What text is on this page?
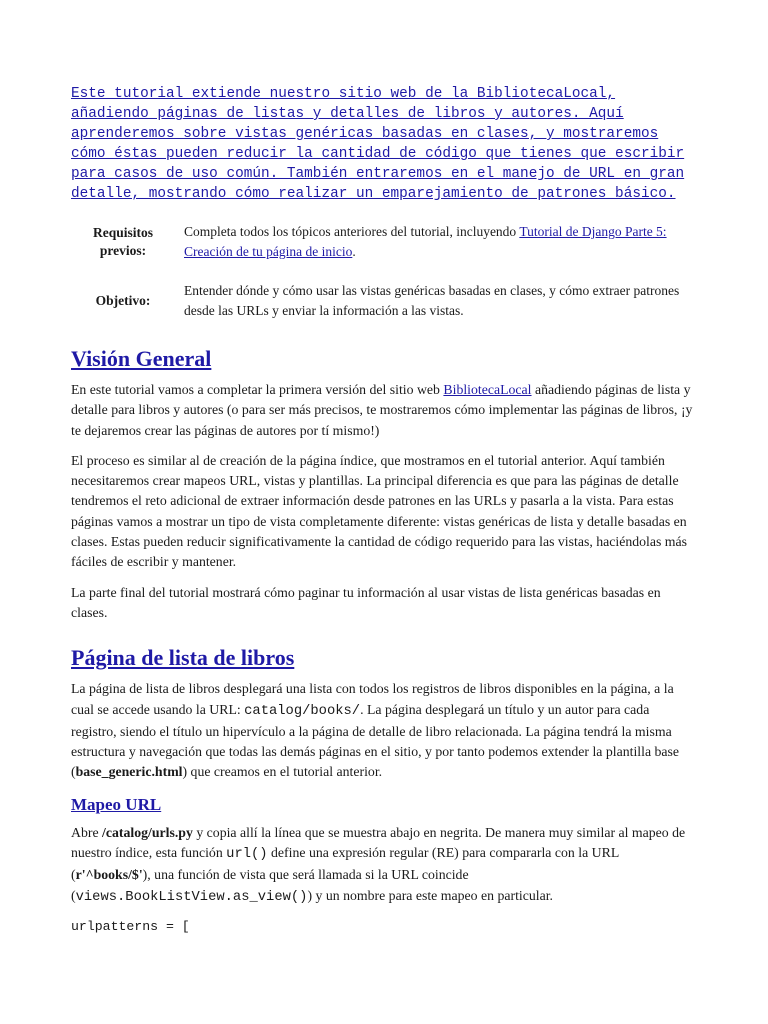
Este tutorial extiende nuestro sitio web de la BibliotecaLocal, añadiendo páginas de listas y detalles de libros y autores. Aquí aprenderemos sobre vistas genéricas basadas en clases, y mostraremos cómo éstas pueden reducir la cantidad de código que tienes que escribir para casos de uso común. También entraremos en el manejo de URL en gran detalle, mostrando cómo realizar un emparejamiento de patrones básico.

Requisitos previos:	Completa todos los tópicos anteriores del tutorial, incluyendo Tutorial de Django Parte 5: Creación de tu página de inicio.
Objetivo:	Entender dónde y cómo usar las vistas genéricas basadas en clases, y cómo extraer patrones desde las URLs y enviar la información a las vistas.
Visión General

En este tutorial vamos a completar la primera versión del sitio web BibliotecaLocal añadiendo páginas de lista y detalle para libros y autores (o para ser más precisos, te mostraremos cómo implementar las páginas de libros, ¡y te dejaremos crear las páginas de autores por tí mismo!)

El proceso es similar al de creación de la página índice, que mostramos en el tutorial anterior. Aquí también necesitaremos crear mapeos URL, vistas y plantillas. La principal diferencia es que para las páginas de detalle tendremos el reto adicional de extraer información desde patrones en las URLs y pasarla a la vista. Para estas páginas vamos a mostrar un tipo de vista completamente diferente: vistas genéricas de lista y detalle basadas en clases. Estas pueden reducir significativamente la cantidad de código requerido para las vistas, haciéndolas más fáciles de escribir y mantener.

La parte final del tutorial mostrará cómo paginar tu información al usar vistas de lista genéricas basadas en clases.

Página de lista de libros

La página de lista de libros desplegará una lista con todos los registros de libros disponibles en la página, a la cual se accede usando la URL: catalog/books/. La página desplegará un título y un autor para cada registro, siendo el título un hipervículo a la página de detalle de libro relacionada. La página tendrá la misma estructura y navegación que todas las demás páginas en el sitio, y por tanto podemos extender la plantilla base (base_generic.html) que creamos en el tutorial anterior.

Mapeo URL

Abre /catalog/urls.py y copia allí la línea que se muestra abajo en negrita. De manera muy similar al mapeo de nuestro índice, esta función url() define una expresión regular (RE) para compararla con la URL (r'^books/$'), una función de vista que será llamada si la URL coincide (views.BookListView.as_view()) y un nombre para este mapeo en particular.

urlpatterns = [
